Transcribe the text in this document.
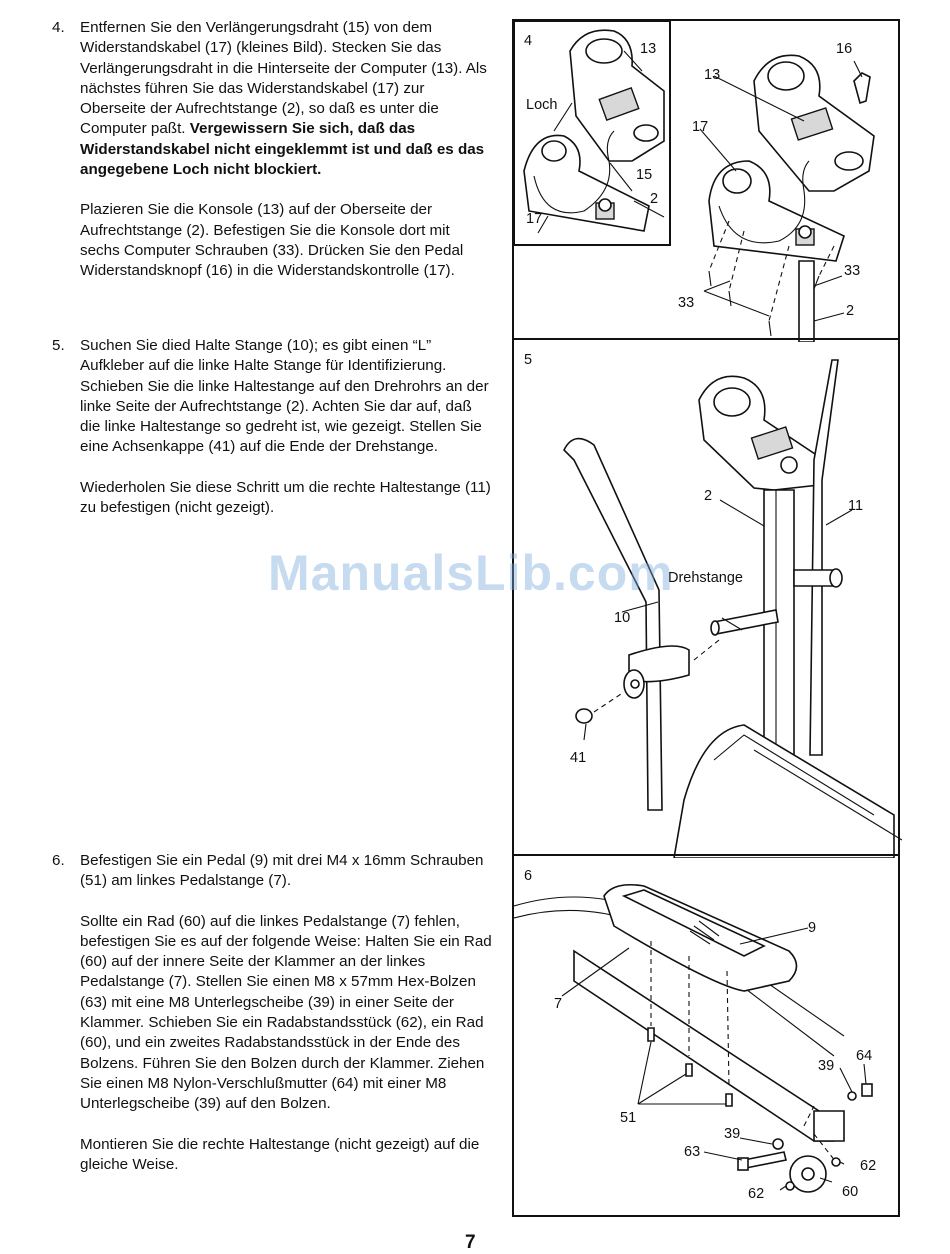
4. Entfernen Sie den Verlängerungsdraht (15) von dem Widerstandskabel (17) (kleines Bild). Stecken Sie das Verlängerungsdraht in die Hinterseite der Computer (13). Als nächstes führen Sie das Widerstandskabel (17) zur Oberseite der Aufrechtstange (2), so daß es unter die Computer paßt. Vergewissern Sie sich, daß das Widerstandskabel nicht eingeklemmt ist und daß es das angegebene Loch nicht blockiert.

Plazieren Sie die Konsole (13) auf der Oberseite der Aufrechtstange (2). Befestigen Sie die Konsole dort mit sechs Computer Schrauben (33). Drücken Sie den Pedal Widerstandsknopf (16) in die Widerstandskontrolle (17).

5. Suchen Sie died Halte Stange (10); es gibt einen “L” Aufkleber auf die linke Halte Stange für Identifizierung. Schieben Sie die linke Haltestange auf den Drehrohrs an der linke Seite der Aufrechtstange (2). Achten Sie dar auf, daß die linke Haltestange so gedreht ist, wie gezeigt. Stellen Sie eine Achsenkappe (41) auf die Ende der Drehstange.

Wiederholen Sie diese Schritt um die rechte Haltestange (11) zu befestigen (nicht gezeigt).

6. Befestigen Sie ein Pedal (9) mit drei M4 x 16mm Schrauben (51) am linkes Pedalstange (7).

Sollte ein Rad (60) auf die linkes Pedalstange (7) fehlen, befestigen Sie es auf der folgende Weise: Halten Sie ein Rad (60) auf der innere Seite der Klammer an der linkes Pedalstange (7). Stellen Sie einen M8 x 57mm Hex-Bolzen (63) mit eine M8 Unterlegscheibe (39) in einer Seite der Klammer. Schieben Sie ein Radabstandsstück (62), ein Rad (60), und ein zweites Radabstandsstück in der Ende des Bolzens. Führen Sie den Bolzen durch der Klammer. Ziehen Sie einen M8 Nylon-Verschlußmutter (64) mit einer M8 Unterlegscheibe (39) auf den Bolzen.

Montieren Sie die rechte Haltestange (nicht gezeigt) auf die gleiche Weise.

4
Loch
13
15
2
17
16
13
17
33
33	2
5
2
11
Drehstange
10
41
6
9
7
64
39
51
39
63
62
62	60
ManualsLib.com
7
